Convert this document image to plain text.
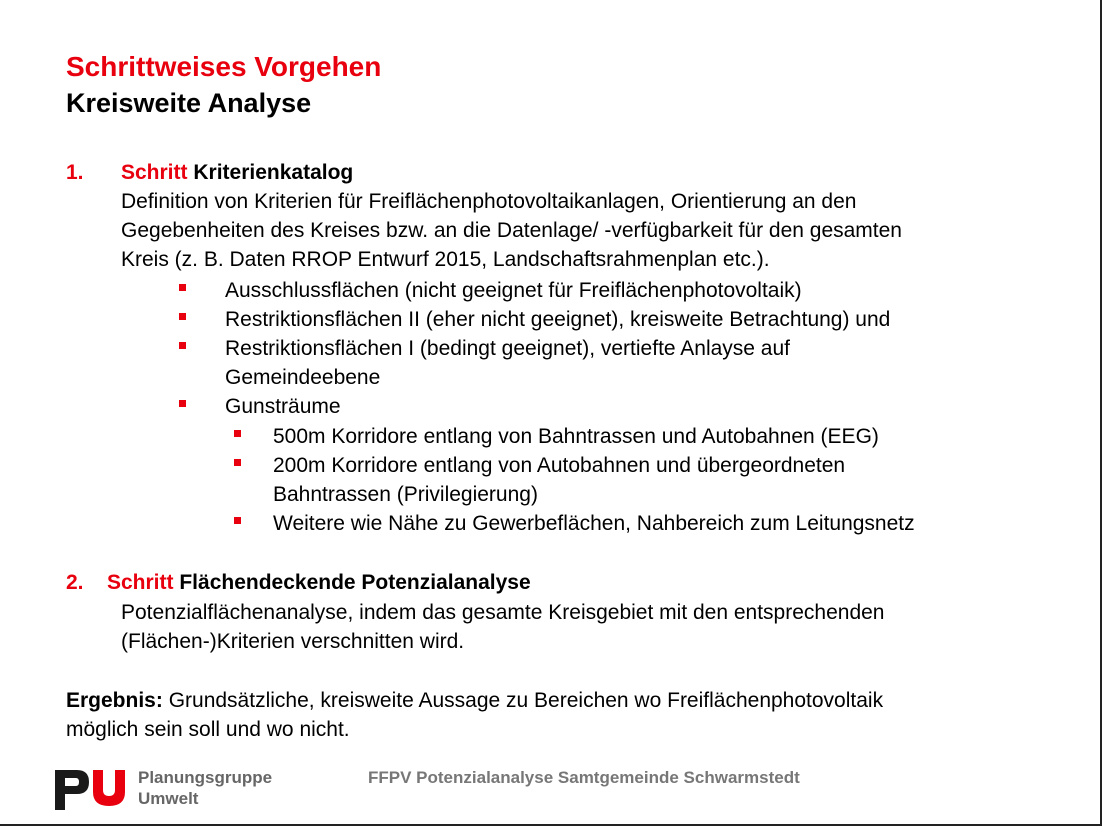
Schrittweises Vorgehen
Kreisweite Analyse
1. Schritt Kriterienkatalog
Definition von Kriterien für Freiflächenphotovoltaikanlagen, Orientierung an den
Gegebenheiten des Kreises bzw. an die Datenlage/ -verfügbarkeit für den gesamten
Kreis (z. B. Daten RROP Entwurf 2015, Landschaftsrahmenplan etc.).
Ausschlussflächen (nicht geeignet für Freiflächenphotovoltaik)
Restriktionsflächen II (eher nicht geeignet), kreisweite Betrachtung) und
Restriktionsflächen I (bedingt geeignet), vertiefte Anlayse auf
Gemeindeebene
Gunsträume
500m Korridore entlang von Bahntrassen und Autobahnen (EEG)
200m Korridore entlang von Autobahnen und übergeordneten
Bahntrassen (Privilegierung)
Weitere wie Nähe zu Gewerbeflächen, Nahbereich zum Leitungsnetz
2. Schritt Flächendeckende Potenzialanalyse
Potenzialflächenanalyse, indem das gesamte Kreisgebiet mit den entsprechenden
(Flächen-)Kriterien verschnitten wird.
Ergebnis: Grundsätzliche, kreisweite Aussage zu Bereichen wo Freiflächenphotovoltaik
möglich sein soll und wo nicht.
Planungsgruppe
Umwelt
FFPV Potenzialanalyse Samtgemeinde Schwarmstedt
